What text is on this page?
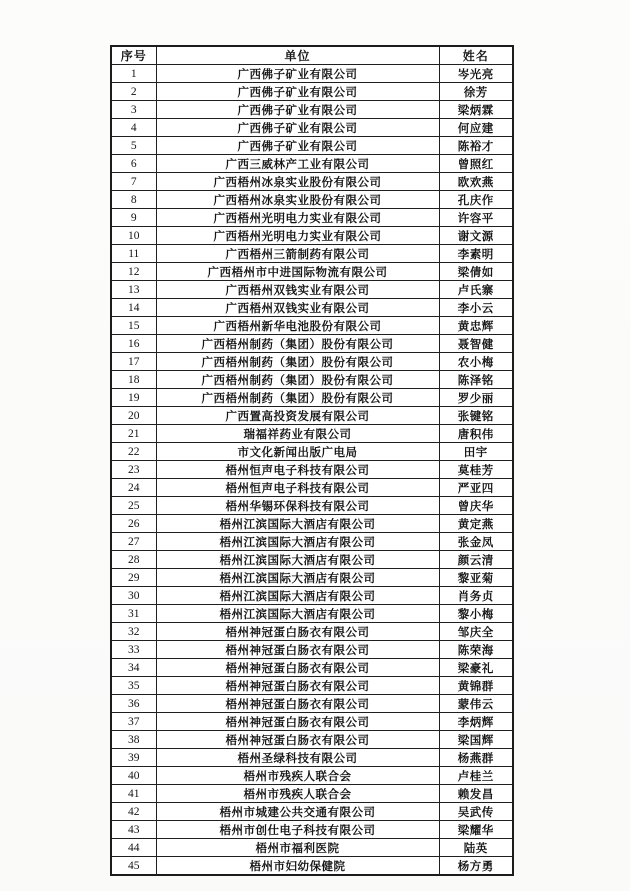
序号	单位	姓名
1	广西佛子矿业有限公司	岑光亮
2	广西佛子矿业有限公司	徐芳
3	广西佛子矿业有限公司	梁炳霖
4	广西佛子矿业有限公司	何应建
5	广西佛子矿业有限公司	陈裕才
6	广西三威林产工业有限公司	曾照红
7	广西梧州冰泉实业股份有限公司	欧欢燕
8	广西梧州冰泉实业股份有限公司	孔庆作
9	广西梧州光明电力实业有限公司	许容平
10	广西梧州光明电力实业有限公司	谢文源
11	广西梧州三箭制药有限公司	李素明
12	广西梧州市中进国际物流有限公司	梁倩如
13	广西梧州双钱实业有限公司	卢氏寨
14	广西梧州双钱实业有限公司	李小云
15	广西梧州新华电池股份有限公司	黄忠辉
16	广西梧州制药（集团）股份有限公司	聂智健
17	广西梧州制药（集团）股份有限公司	农小梅
18	广西梧州制药（集团）股份有限公司	陈泽铭
19	广西梧州制药（集团）股份有限公司	罗少丽
20	广西置高投资发展有限公司	张键铭
21	瑞福祥药业有限公司	唐积伟
22	市文化新闻出版广电局	田宇
23	梧州恒声电子科技有限公司	莫桂芳
24	梧州恒声电子科技有限公司	严亚四
25	梧州华锡环保科技有限公司	曾庆华
26	梧州江滨国际大酒店有限公司	黄定燕
27	梧州江滨国际大酒店有限公司	张金凤
28	梧州江滨国际大酒店有限公司	颜云清
29	梧州江滨国际大酒店有限公司	黎亚菊
30	梧州江滨国际大酒店有限公司	肖务贞
31	梧州江滨国际大酒店有限公司	黎小梅
32	梧州神冠蛋白肠衣有限公司	邹庆全
33	梧州神冠蛋白肠衣有限公司	陈荣海
34	梧州神冠蛋白肠衣有限公司	梁豪礼
35	梧州神冠蛋白肠衣有限公司	黄锦群
36	梧州神冠蛋白肠衣有限公司	蒙伟云
37	梧州神冠蛋白肠衣有限公司	李炳辉
38	梧州神冠蛋白肠衣有限公司	梁国辉
39	梧州圣绿科技有限公司	杨燕群
40	梧州市残疾人联合会	卢桂兰
41	梧州市残疾人联合会	赖发昌
42	梧州市城建公共交通有限公司	吴武传
43	梧州市创仕电子科技有限公司	梁耀华
44	梧州市福利医院	陆英
45	梧州市妇幼保健院	杨方勇
